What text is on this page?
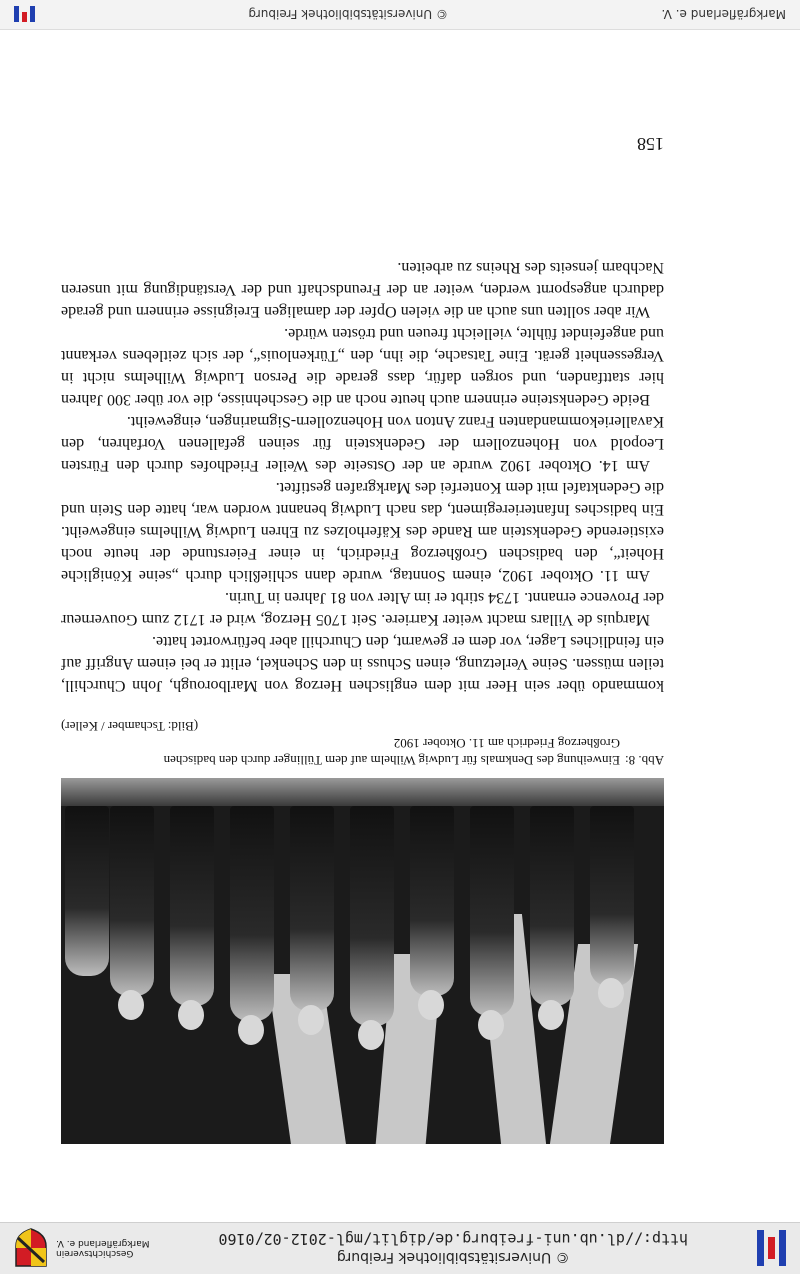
© Universitätsbibliothek Freiburg
http://dl.ub.uni-freiburg.de/diglit/mgl-2012-02/0160
Geschichtsverein
Markgräflerland e. V.
Abb. 8:
Einweihung des Denkmals für Ludwig Wilhelm auf dem Tüllinger durch den badischen
Großherzog Friedrich am 11. Oktober 1902
(Bild: Tschamber / Keller)

kommando über sein Heer mit dem englischen Herzog von Marlborough, John Churchill, teilen müssen. Seine Verletzung, einen Schuss in den Schenkel, erlitt er bei einem Angriff auf ein feindliches Lager, vor dem er gewarnt, den Churchill aber befürwortet hatte.

Marquis de Villars macht weiter Karriere. Seit 1705 Herzog, wird er 1712 zum Gouverneur der Provence ernannt. 1734 stirbt er im Alter von 81 Jahren in Turin.

Am 11. Oktober 1902, einem Sonntag, wurde dann schließlich durch „seine Königliche Hoheit“, den badischen Großherzog Friedrich, in einer Feierstunde der heute noch existierende Gedenkstein am Rande des Käferholzes zu Ehren Ludwig Wilhelms eingeweiht. Ein badisches Infanterieregiment, das nach Ludwig benannt worden war, hatte den Stein und die Gedenktafel mit dem Konterfei des Markgrafen gestiftet.

Am 14. Oktober 1902 wurde an der Ostseite des Weiler Friedhofes durch den Fürsten Leopold von Hohenzollern der Gedenkstein für seinen gefallenen Vorfahren, den Kavalleriekommandanten Franz Anton von Hohenzollern-Sigmaringen, eingeweiht.

Beide Gedenksteine erinnern auch heute noch an die Geschehnisse, die vor über 300 Jahren hier stattfanden, und sorgen dafür, dass gerade die Person Ludwig Wilhelms nicht in Vergessenheit gerät. Eine Tatsache, die ihn, den „Türkenlouis“, der sich zeitlebens verkannt und angefeindet fühlte, vielleicht freuen und trösten würde.

Wir aber sollten uns auch an die vielen Opfer der damaligen Ereignisse erinnern und gerade dadurch angespornt werden, weiter an der Freundschaft und der Verständigung mit unseren Nachbarn jenseits des Rheins zu arbeiten.

158
Markgräflerland e. V.
© Universitätsbibliothek Freiburg
